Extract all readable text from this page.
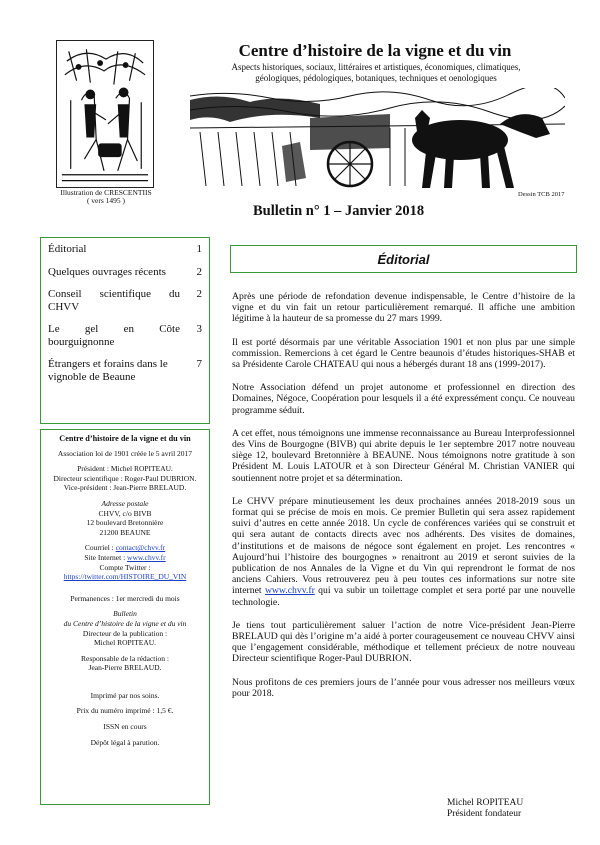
Illustration de CRESCENTIIS
( vers 1495 )
Centre d’histoire de la vigne et du vin
Aspects historiques, sociaux, littéraires et artistiques, économiques, climatiques,
géologiques, pédologiques, botaniques, techniques et oenologiques
Dessin TCB 2017
Bulletin n° 1 – Janvier 2018
Éditorial	1
Quelques ouvrages récents	2
Conseil scientifique du CHVV
2
Le gel en Côte bourguignonne
3
Étrangers et forains dans le vignoble de Beaune
7
Centre d’histoire de la vigne et du vin
Association loi de 1901 créée le 5 avril 2017
Président : Michel ROPITEAU.
Directeur scientifique : Roger-Paul DUBRION.
Vice-président : Jean-Pierre BRELAUD.
Adresse postale
CHVV, c/o BIVB
12 boulevard Bretonnière
21200 BEAUNE
Courriel : contact@chvv.fr
Site Internet : www.chvv.fr
Compte Twitter :
https://twitter.com/HISTOIRE_DU_VIN
Permanences : 1er mercredi du mois
Bulletin
du Centre d’histoire de la vigne et du vin
Directeur de la publication :
Michel ROPITEAU.
Responsable de la rédaction :
Jean-Pierre BRELAUD.
Imprimé par nos soins.
Prix du numéro imprimé : 1,5 €.
ISSN en cours
Dépôt légal à parution.
Éditorial

Après une période de refondation devenue indispensable, le Centre d’histoire de la vigne et du vin fait un retour particulièrement remarqué. Il affiche une ambition légitime à la hauteur de sa promesse du 27 mars 1999.

Il est porté désormais par une véritable Association 1901 et non plus par une simple commission. Remercions à cet égard le Centre beaunois d’études historiques-SHAB et sa Présidente Carole CHATEAU qui nous a hébergés durant 18 ans (1999-2017).

Notre Association défend un projet autonome et professionnel en direction des Domaines, Négoce, Coopération pour lesquels il a été expressément conçu. Ce nouveau programme séduit.

A cet effet, nous témoignons une immense reconnaissance au Bureau Interprofessionnel des Vins de Bourgogne (BIVB) qui abrite depuis le 1er septembre 2017 notre nouveau siège 12, boulevard Bretonnière à BEAUNE. Nous témoignons notre gratitude à son Président M. Louis LATOUR et à son Directeur Général M. Christian VANIER qui soutiennent notre projet et sa détermination.

Le CHVV prépare minutieusement les deux prochaines années 2018-2019 sous un format qui se précise de mois en mois. Ce premier Bulletin qui sera assez rapidement suivi d’autres en cette année 2018. Un cycle de conférences variées qui se construit et qui sera autant de contacts directs avec nos adhérents. Des visites de domaines, d’institutions et de maisons de négoce sont également en projet. Les rencontres « Aujourd’hui l’histoire des bourgognes » renaitront au 2019 et seront suivies de la publication de nos Annales de la Vigne et du Vin qui reprendront le format de nos anciens Cahiers. Vous retrouverez peu à peu toutes ces informations sur notre site internet www.chvv.fr qui va subir un toilettage complet et sera porté par une nouvelle technologie.

Je tiens tout particulièrement saluer l’action de notre Vice-président Jean-Pierre BRELAUD qui dès l’origine m’a aidé à porter courageusement ce nouveau CHVV ainsi que l’engagement considérable, méthodique et tellement précieux de notre nouveau Directeur scientifique Roger-Paul DUBRION.

Nous profitons de ces premiers jours de l’année pour vous adresser nos meilleurs vœux pour 2018.

Michel ROPITEAU
Président fondateur
